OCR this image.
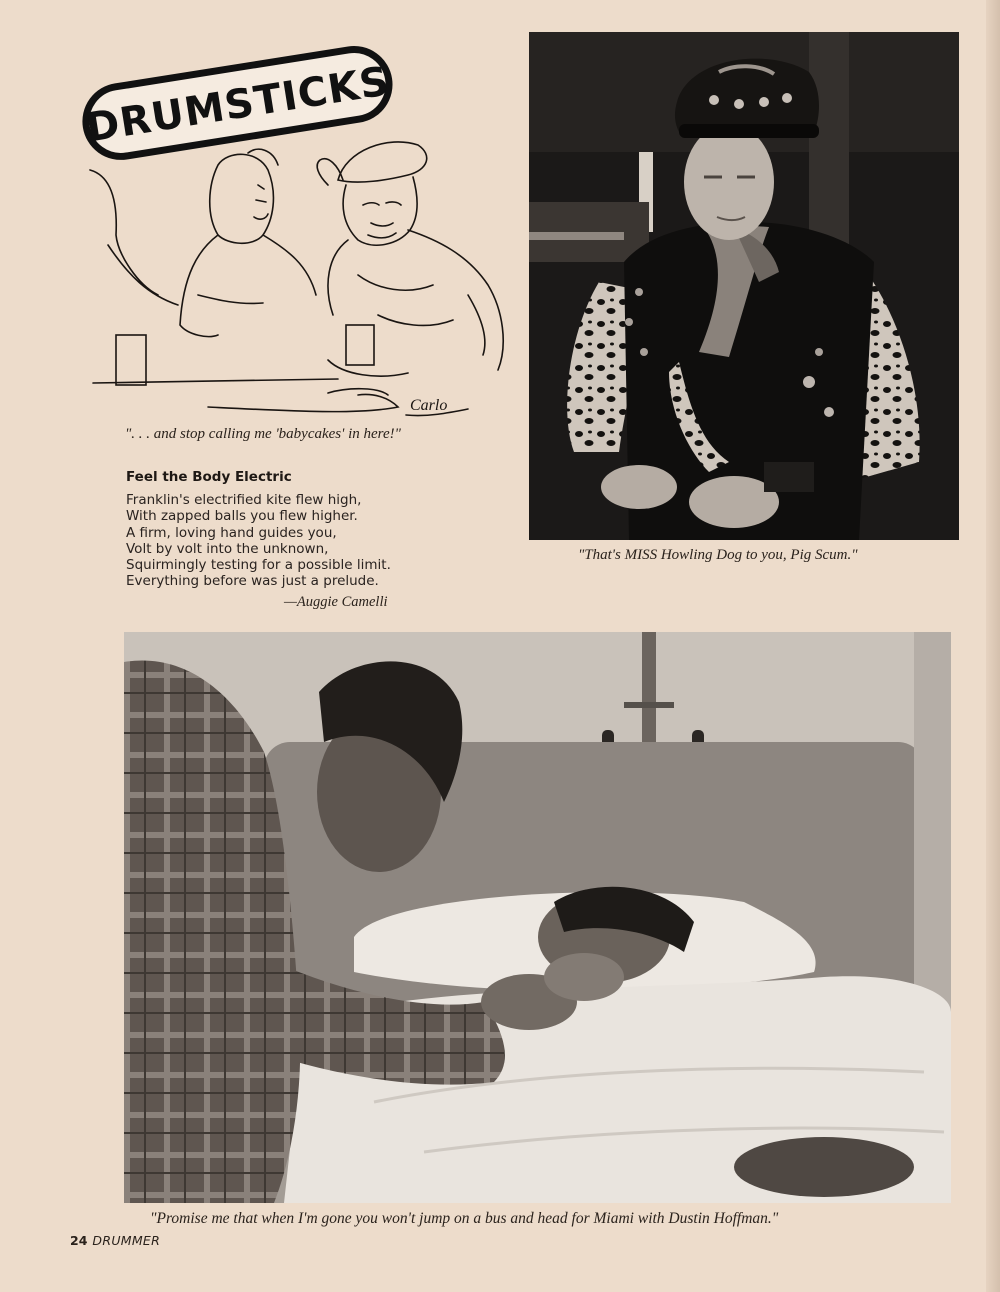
DRUMSTICKS
Carlo
". . . and stop calling me 'babycakes' in here!"
Feel the Body Electric
Franklin's electrified kite flew high,
With zapped balls you flew higher.
A firm, loving hand guides you,
Volt by volt into the unknown,
Squirmingly testing for a possible limit.
Everything before was just a prelude.
—Auggie Camelli
"That's MISS Howling Dog to you, Pig Scum."
"Promise me that when I'm gone you won't jump on a bus and head for Miami with Dustin Hoffman."
24 DRUMMER
